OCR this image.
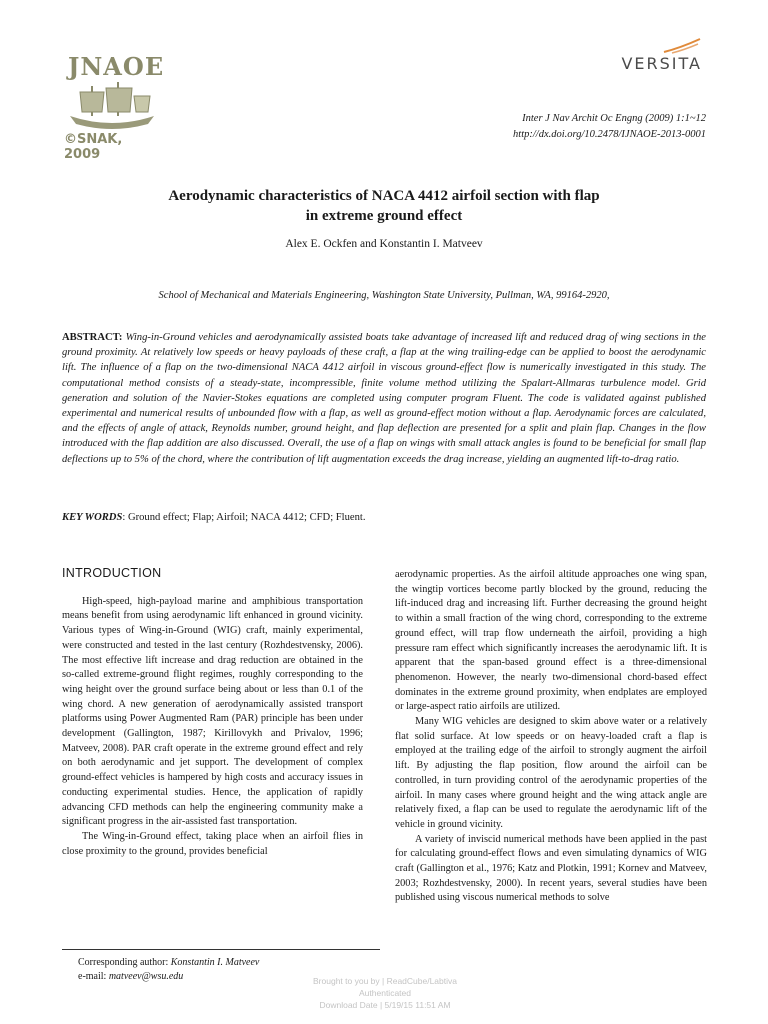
JNAOE
©SNAK, 2009
VERSITA
Inter J Nav Archit Oc Engng (2009) 1:1~12
http://dx.doi.org/10.2478/IJNAOE-2013-0001
Aerodynamic characteristics of NACA 4412 airfoil section with flap
in extreme ground effect
Alex E. Ockfen and Konstantin I. Matveev
School of Mechanical and Materials Engineering, Washington State University, Pullman, WA, 99164-2920,
ABSTRACT: Wing-in-Ground vehicles and aerodynamically assisted boats take advantage of increased lift and reduced drag of wing sections in the ground proximity. At relatively low speeds or heavy payloads of these craft, a flap at the wing trailing-edge can be applied to boost the aerodynamic lift. The influence of a flap on the two-dimensional NACA 4412 airfoil in viscous ground-effect flow is numerically investigated in this study. The computational method consists of a steady-state, incompressible, finite volume method utilizing the Spalart-Allmaras turbulence model. Grid generation and solution of the Navier-Stokes equations are completed using computer program Fluent. The code is validated against published experimental and numerical results of unbounded flow with a flap, as well as ground-effect motion without a flap. Aerodynamic forces are calculated, and the effects of angle of attack, Reynolds number, ground height, and flap deflection are presented for a split and plain flap. Changes in the flow introduced with the flap addition are also discussed. Overall, the use of a flap on wings with small attack angles is found to be beneficial for small flap deflections up to 5% of the chord, where the contribution of lift augmentation exceeds the drag increase, yielding an augmented lift-to-drag ratio.
KEY WORDS: Ground effect; Flap; Airfoil; NACA 4412; CFD; Fluent.
INTRODUCTION

High-speed, high-payload marine and amphibious transportation means benefit from using aerodynamic lift enhanced in ground vicinity. Various types of Wing-in-Ground (WIG) craft, mainly experimental, were constructed and tested in the last century (Rozhdestvensky, 2006). The most effective lift increase and drag reduction are obtained in the so-called extreme-ground flight regimes, roughly corresponding to the wing height over the ground surface being about or less than 0.1 of the wing chord. A new generation of aerodynamically assisted transport platforms using Power Augmented Ram (PAR) principle has been under development (Gallington, 1987; Kirillovykh and Privalov, 1996; Matveev, 2008). PAR craft operate in the extreme ground effect and rely on both aerodynamic and jet support. The development of complex ground-effect vehicles is hampered by high costs and accuracy issues in conducting experimental studies. Hence, the application of rapidly advancing CFD methods can help the engineering community make a significant progress in the air-assisted fast transportation.

The Wing-in-Ground effect, taking place when an airfoil flies in close proximity to the ground, provides beneficial

aerodynamic properties. As the airfoil altitude approaches one wing span, the wingtip vortices become partly blocked by the ground, reducing the lift-induced drag and increasing lift. Further decreasing the ground height to within a small fraction of the wing chord, corresponding to the extreme ground effect, will trap flow underneath the airfoil, providing a high pressure ram effect which significantly increases the aerodynamic lift. It is apparent that the span-based ground effect is a three-dimensional phenomenon. However, the nearly two-dimensional chord-based effect dominates in the extreme ground proximity, when endplates are employed or large-aspect ratio airfoils are utilized.

Many WIG vehicles are designed to skim above water or a relatively flat solid surface. At low speeds or on heavy-loaded craft a flap is employed at the trailing edge of the airfoil to strongly augment the airfoil lift. By adjusting the flap position, flow around the airfoil can be controlled, in turn providing control of the aerodynamic properties of the airfoil. In many cases where ground height and the wing attack angle are relatively fixed, a flap can be used to regulate the aerodynamic lift of the vehicle in ground vicinity.

A variety of inviscid numerical methods have been applied in the past for calculating ground-effect flows and even simulating dynamics of WIG craft (Gallington et al., 1976; Katz and Plotkin, 1991; Kornev and Matveev, 2003; Rozhdestvensky, 2000). In recent years, several studies have been published using viscous numerical methods to solve

Corresponding author: Konstantin I. Matveev
e-mail: matveev@wsu.edu	Brought to you by | ReadCube/Labtiva
Authenticated
Download Date | 5/19/15 11:51 AM
